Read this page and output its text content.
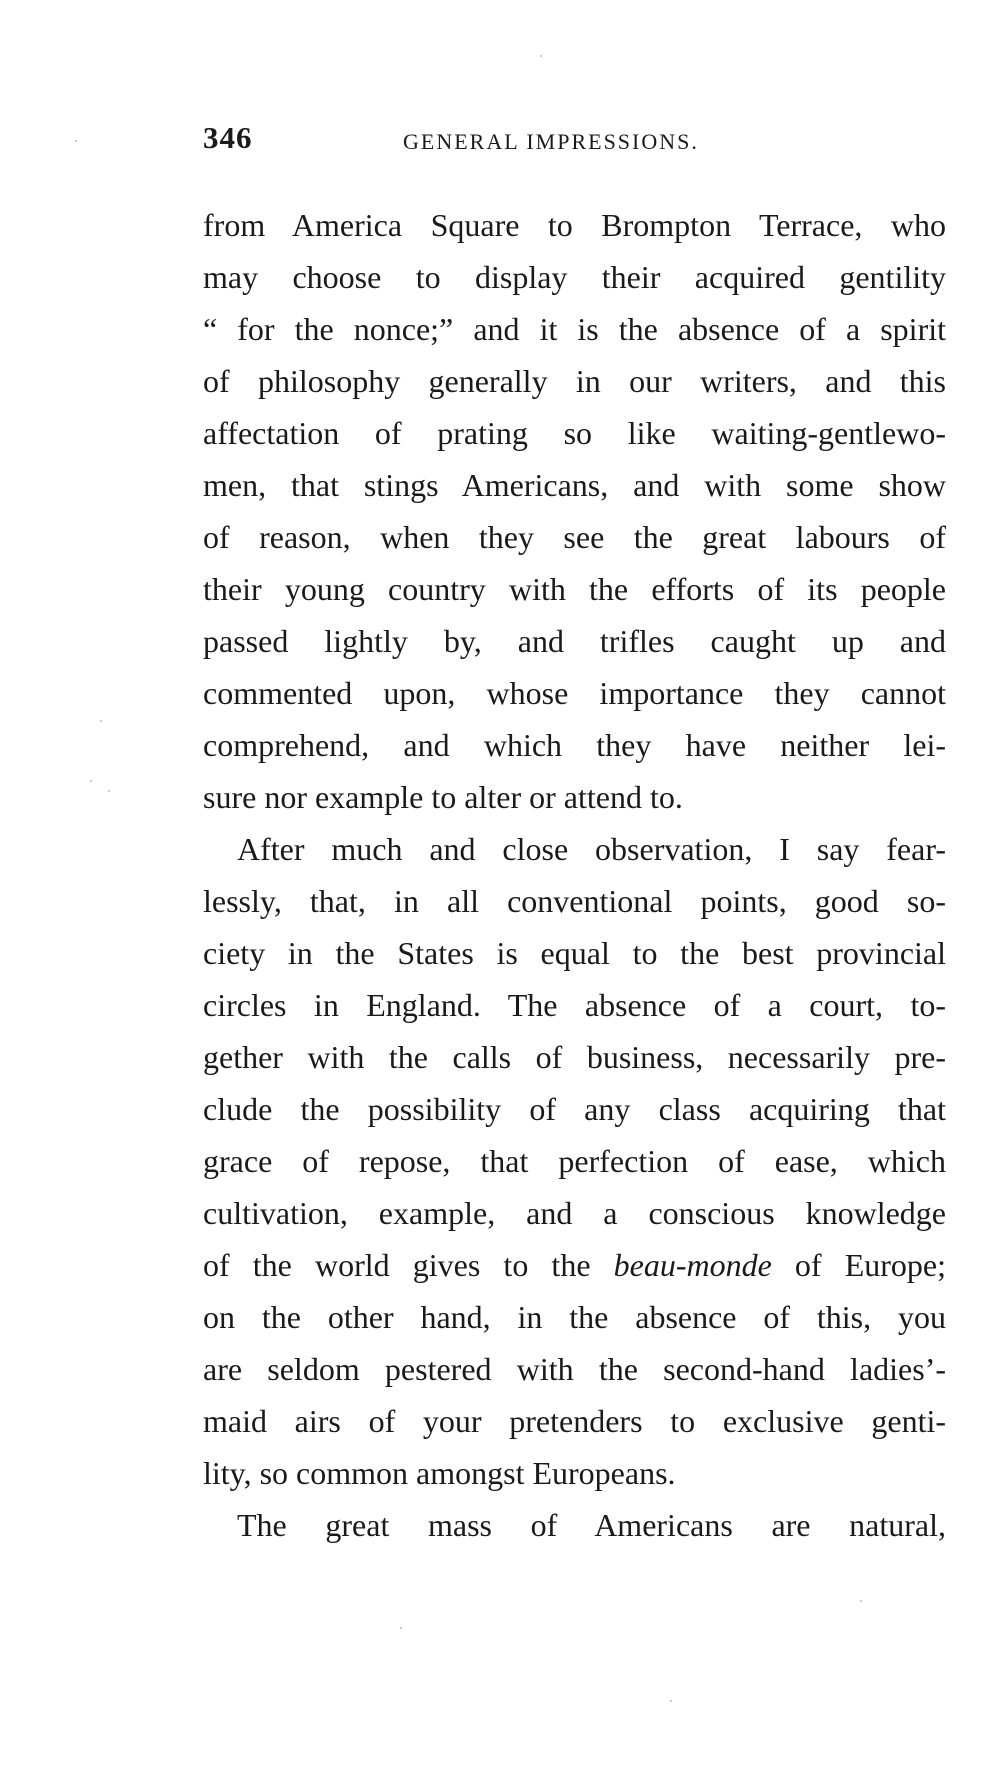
346	GENERAL IMPRESSIONS.
from America Square to Brompton Terrace, who
may choose to display their acquired gentility
“ for the nonce;” and it is the absence of a spirit
of philosophy generally in our writers, and this
affectation of prating so like waiting-gentlewo-
men, that stings Americans, and with some show
of reason, when they see the great labours of
their young country with the efforts of its people
passed lightly by, and trifles caught up and
commented upon, whose importance they cannot
comprehend, and which they have neither lei-
sure nor example to alter or attend to.
After much and close observation, I say fear-
lessly, that, in all conventional points, good so-
ciety in the States is equal to the best provincial
circles in England. The absence of a court, to-
gether with the calls of business, necessarily pre-
clude the possibility of any class acquiring that
grace of repose, that perfection of ease, which
cultivation, example, and a conscious knowledge
of the world gives to the beau-monde of Europe;
on the other hand, in the absence of this, you
are seldom pestered with the second-hand ladies’-
maid airs of your pretenders to exclusive genti-
lity, so common amongst Europeans.
The great mass of Americans are natural,
